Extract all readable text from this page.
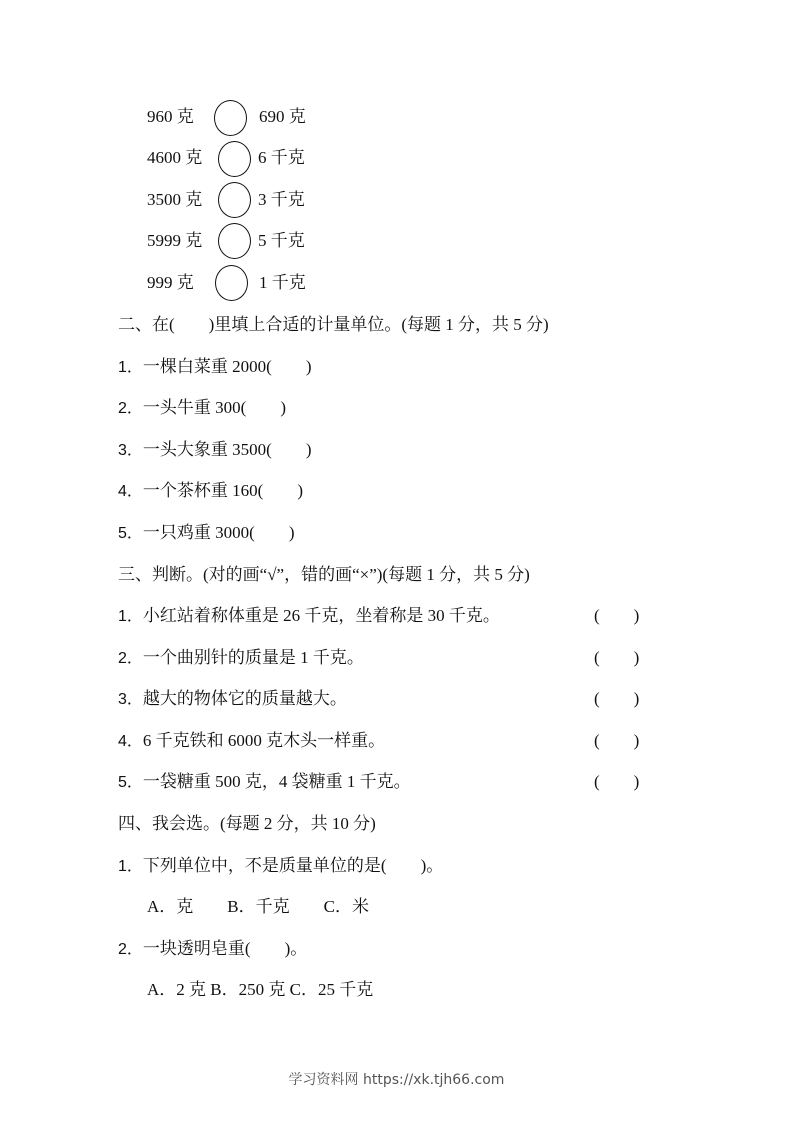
960 克	690 克
4600 克	6 千克
3500 克	3 千克
5999 克	5 千克
999 克	1 千克
二、在(　　)里填上合适的计量单位。(每题 1 分，共 5 分)
1．一棵白菜重 2000(　　)
2．一头牛重 300(　　)
3．一头大象重 3500(　　)
4．一个茶杯重 160(　　)
5．一只鸡重 3000(　　)
三、判断。(对的画“√”，错的画“×”)(每题 1 分，共 5 分)
1．小红站着称体重是 26 千克，坐着称是 30 千克。	(　　)
2．一个曲别针的质量是 1 千克。	(　　)
3．越大的物体它的质量越大。	(　　)
4．6 千克铁和 6000 克木头一样重。	(　　)
5．一袋糖重 500 克，4 袋糖重 1 千克。	(　　)
四、我会选。(每题 2 分，共 10 分)
1．下列单位中，不是质量单位的是(　　)。
A．克　　B．千克　　C．米
2．一块透明皂重(　　)。
A．2 克 B．250 克 C．25 千克
学习资料网 https://xk.tjh66.com
